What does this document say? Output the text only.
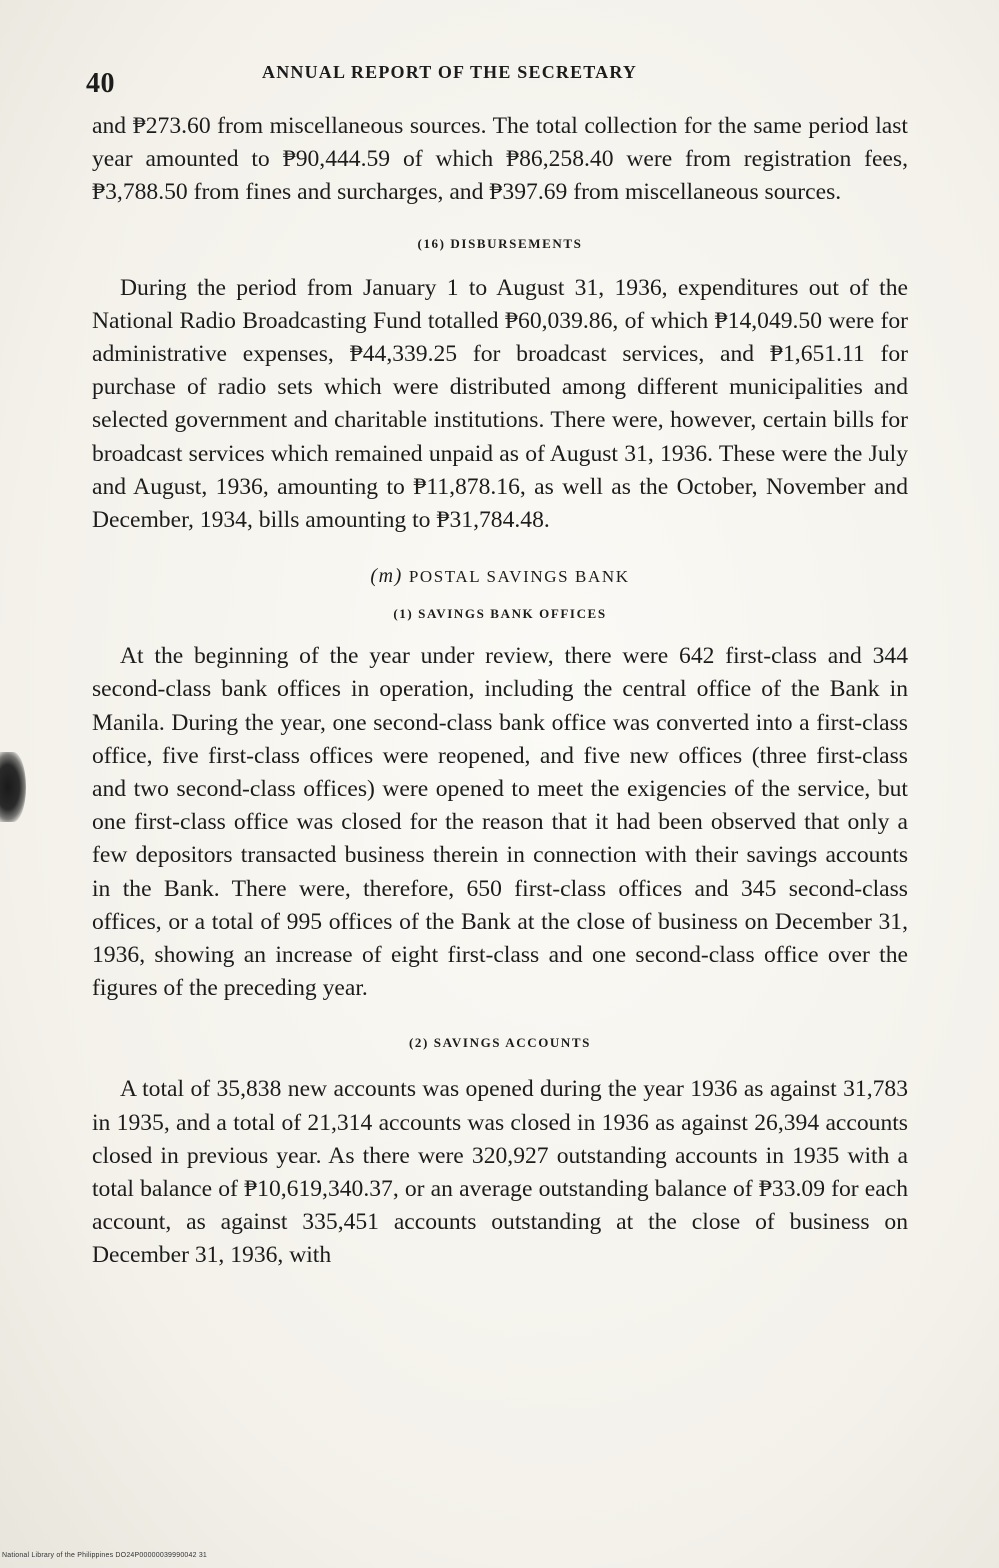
40	ANNUAL REPORT OF THE SECRETARY

and ₱273.60 from miscellaneous sources. The total collection for the same period last year amounted to ₱90,444.59 of which ₱86,258.40 were from registration fees, ₱3,788.50 from fines and surcharges, and ₱397.69 from miscellaneous sources.

(16) DISBURSEMENTS

During the period from January 1 to August 31, 1936, expenditures out of the National Radio Broadcasting Fund totalled ₱60,039.86, of which ₱14,049.50 were for administrative expenses, ₱44,339.25 for broadcast services, and ₱1,651.11 for purchase of radio sets which were distributed among different municipalities and selected government and charitable institutions. There were, however, certain bills for broadcast services which remained unpaid as of August 31, 1936. These were the July and August, 1936, amounting to ₱11,878.16, as well as the October, November and December, 1934, bills amounting to ₱31,784.48.

(m) POSTAL SAVINGS BANK
(1) SAVINGS BANK OFFICES

At the beginning of the year under review, there were 642 first-class and 344 second-class bank offices in operation, including the central office of the Bank in Manila. During the year, one second-class bank office was converted into a first-class office, five first-class offices were reopened, and five new offices (three first-class and two second-class offices) were opened to meet the exigencies of the service, but one first-class office was closed for the reason that it had been observed that only a few depositors transacted business therein in connection with their savings accounts in the Bank. There were, therefore, 650 first-class offices and 345 second-class offices, or a total of 995 offices of the Bank at the close of business on December 31, 1936, showing an increase of eight first-class and one second-class office over the figures of the preceding year.

(2) SAVINGS ACCOUNTS

A total of 35,838 new accounts was opened during the year 1936 as against 31,783 in 1935, and a total of 21,314 accounts was closed in 1936 as against 26,394 accounts closed in previous year. As there were 320,927 outstanding accounts in 1935 with a total balance of ₱10,619,340.37, or an average outstanding balance of ₱33.09 for each account, as against 335,451 accounts outstanding at the close of business on December 31, 1936, with

National Library of the Philippines DO24P00000039990042 31
